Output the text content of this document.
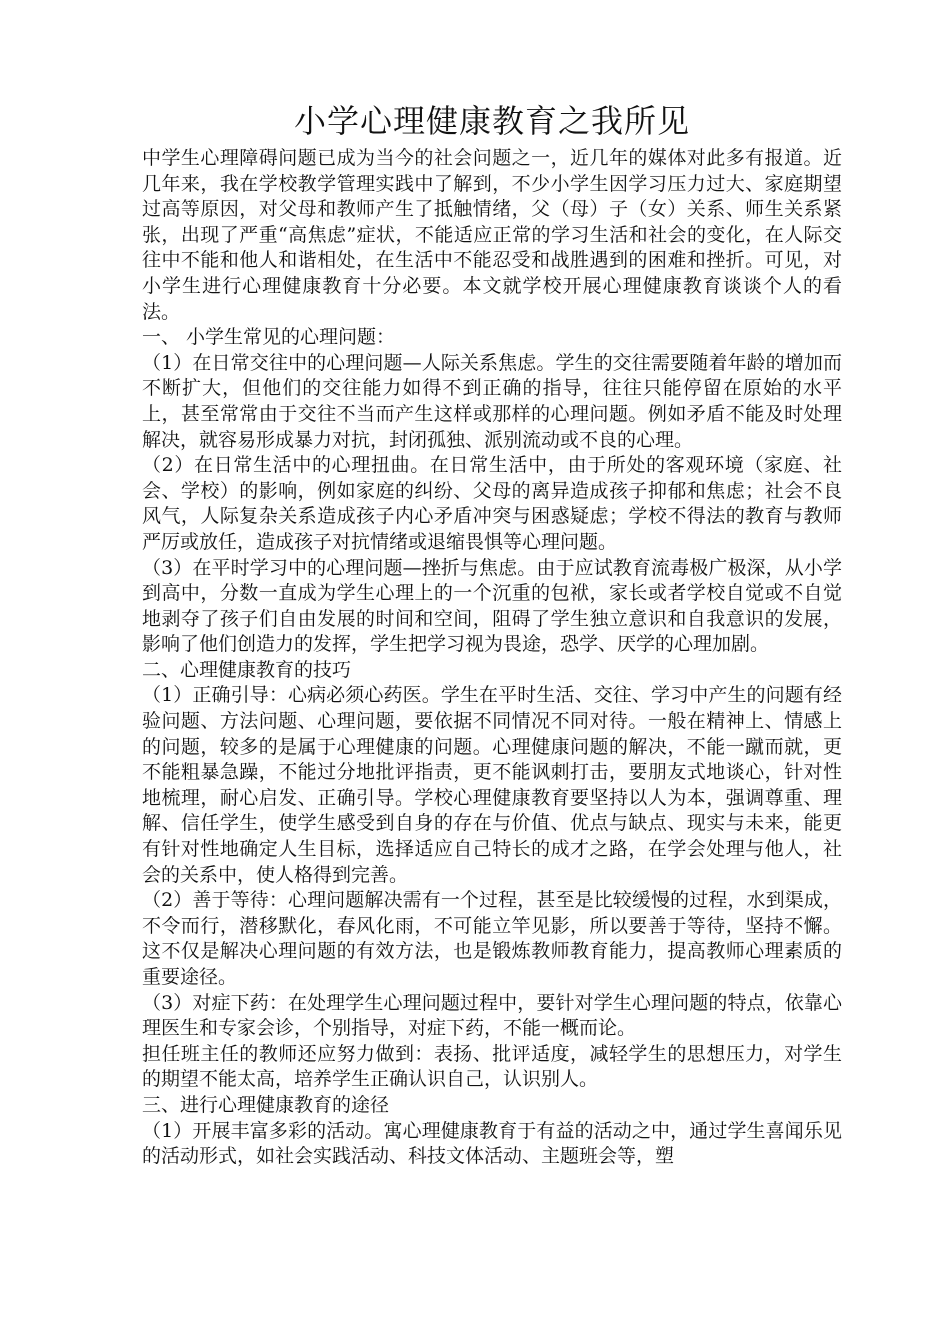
小学心理健康教育之我所见

中学生心理障碍问题已成为当今的社会问题之一，近几年的媒体对此多有报道。近几年来，我在学校教学管理实践中了解到，不少小学生因学习压力过大、家庭期望过高等原因，对父母和教师产生了抵触情绪，父（母）子（女）关系、师生关系紧张，出现了严重“高焦虑”症状，不能适应正常的学习生活和社会的变化，在人际交往中不能和他人和谐相处，在生活中不能忍受和战胜遇到的困难和挫折。可见，对小学生进行心理健康教育十分必要。本文就学校开展心理健康教育谈谈个人的看法。

一、 小学生常见的心理问题：

（1）在日常交往中的心理问题—人际关系焦虑。学生的交往需要随着年龄的增加而不断扩大，但他们的交往能力如得不到正确的指导，往往只能停留在原始的水平上，甚至常常由于交往不当而产生这样或那样的心理问题。例如矛盾不能及时处理解决，就容易形成暴力对抗，封闭孤独、派别流动或不良的心理。

（2）在日常生活中的心理扭曲。在日常生活中，由于所处的客观环境（家庭、社会、学校）的影响，例如家庭的纠纷、父母的离异造成孩子抑郁和焦虑；社会不良风气，人际复杂关系造成孩子内心矛盾冲突与困惑疑虑；学校不得法的教育与教师严厉或放任，造成孩子对抗情绪或退缩畏惧等心理问题。

（3）在平时学习中的心理问题—挫折与焦虑。由于应试教育流毒极广极深，从小学到高中，分数一直成为学生心理上的一个沉重的包袱，家长或者学校自觉或不自觉地剥夺了孩子们自由发展的时间和空间，阻碍了学生独立意识和自我意识的发展，影响了他们创造力的发挥，学生把学习视为畏途，恐学、厌学的心理加剧。

二、心理健康教育的技巧

（1）正确引导：心病必须心药医。学生在平时生活、交往、学习中产生的问题有经验问题、方法问题、心理问题，要依据不同情况不同对待。一般在精神上、情感上的问题，较多的是属于心理健康的问题。心理健康问题的解决，不能一蹴而就，更不能粗暴急躁，不能过分地批评指责，更不能讽刺打击，要朋友式地谈心，针对性地梳理，耐心启发、正确引导。学校心理健康教育要坚持以人为本，强调尊重、理解、信任学生，使学生感受到自身的存在与价值、优点与缺点、现实与未来，能更有针对性地确定人生目标，选择适应自己特长的成才之路，在学会处理与他人，社会的关系中，使人格得到完善。

（2）善于等待：心理问题解决需有一个过程，甚至是比较缓慢的过程，水到渠成，不令而行，潜移默化，春风化雨，不可能立竿见影，所以要善于等待，坚持不懈。这不仅是解决心理问题的有效方法，也是锻炼教师教育能力，提高教师心理素质的重要途径。

（3）对症下药：在处理学生心理问题过程中，要针对学生心理问题的特点，依靠心理医生和专家会诊，个别指导，对症下药，不能一概而论。

担任班主任的教师还应努力做到：表扬、批评适度，减轻学生的思想压力，对学生的期望不能太高，培养学生正确认识自己，认识别人。

三、进行心理健康教育的途径

（1）开展丰富多彩的活动。寓心理健康教育于有益的活动之中，通过学生喜闻乐见的活动形式，如社会实践活动、科技文体活动、主题班会等，塑
